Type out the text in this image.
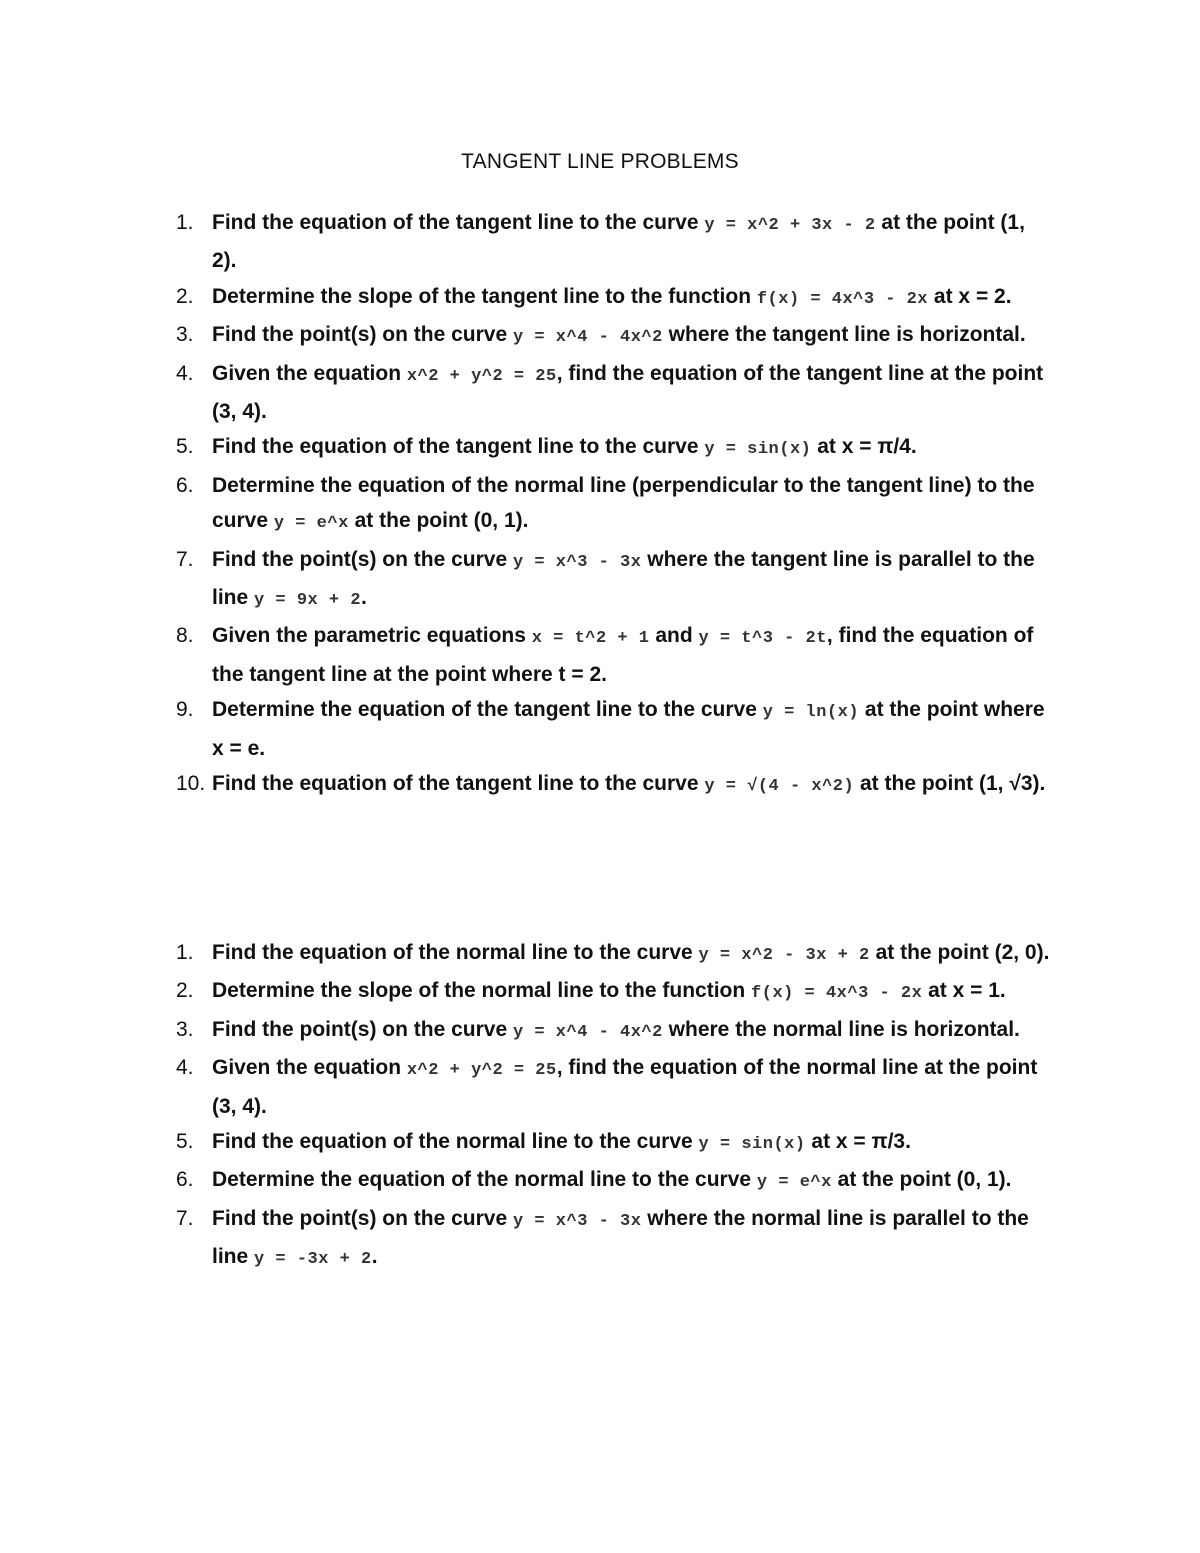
TANGENT LINE PROBLEMS
1. Find the equation of the tangent line to the curve y = x^2 + 3x - 2 at the point (1, 2).
2. Determine the slope of the tangent line to the function f(x) = 4x^3 - 2x at x = 2.
3. Find the point(s) on the curve y = x^4 - 4x^2 where the tangent line is horizontal.
4. Given the equation x^2 + y^2 = 25, find the equation of the tangent line at the point (3, 4).
5. Find the equation of the tangent line to the curve y = sin(x) at x = π/4.
6. Determine the equation of the normal line (perpendicular to the tangent line) to the curve y = e^x at the point (0, 1).
7. Find the point(s) on the curve y = x^3 - 3x where the tangent line is parallel to the line y = 9x + 2.
8. Given the parametric equations x = t^2 + 1 and y = t^3 - 2t, find the equation of the tangent line at the point where t = 2.
9. Determine the equation of the tangent line to the curve y = ln(x) at the point where x = e.
10. Find the equation of the tangent line to the curve y = √(4 - x^2) at the point (1, √3).
1. Find the equation of the normal line to the curve y = x^2 - 3x + 2 at the point (2, 0).
2. Determine the slope of the normal line to the function f(x) = 4x^3 - 2x at x = 1.
3. Find the point(s) on the curve y = x^4 - 4x^2 where the normal line is horizontal.
4. Given the equation x^2 + y^2 = 25, find the equation of the normal line at the point (3, 4).
5. Find the equation of the normal line to the curve y = sin(x) at x = π/3.
6. Determine the equation of the normal line to the curve y = e^x at the point (0, 1).
7. Find the point(s) on the curve y = x^3 - 3x where the normal line is parallel to the line y = -3x + 2.
